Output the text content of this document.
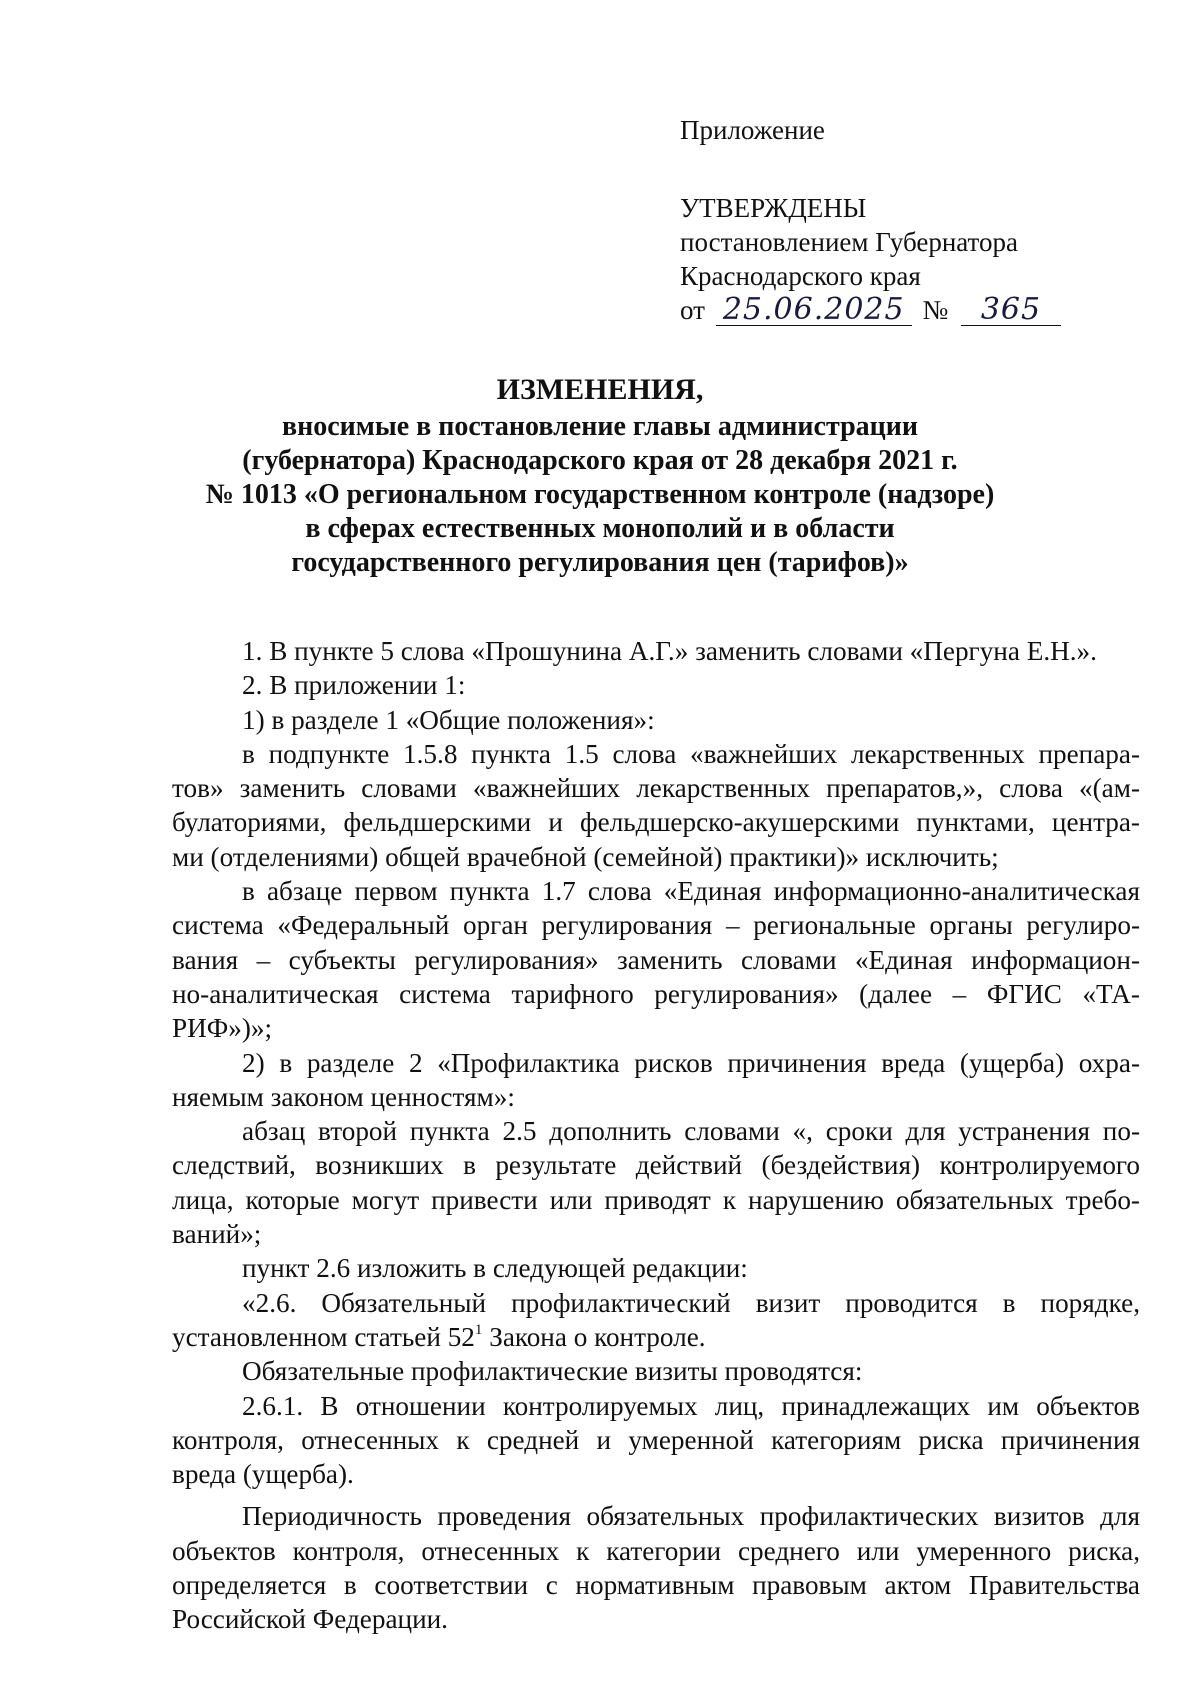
Приложение
УТВЕРЖДЕНЫ
постановлением Губернатора
Краснодарского края
от 25.06.2025 № 365
ИЗМЕНЕНИЯ,
вносимые в постановление главы администрации
(губернатора) Краснодарского края от 28 декабря 2021 г.
№ 1013 «О региональном государственном контроле (надзоре)
в сферах естественных монополий и в области
государственного регулирования цен (тарифов)»
1. В пункте 5 слова «Прошунина А.Г.» заменить словами «Пергуна Е.Н.».
2. В приложении 1:
1) в разделе 1 «Общие положения»:
в подпункте 1.5.8 пункта 1.5 слова «важнейших лекарственных препара-
тов» заменить словами «важнейших лекарственных препаратов,», слова «(ам-
булаториями, фельдшерскими и фельдшерско-акушерскими пунктами, центра-
ми (отделениями) общей врачебной (семейной) практики)» исключить;
в абзаце первом пункта 1.7 слова «Единая информационно-аналитическая
система «Федеральный орган регулирования – региональные органы регулиро-
вания – субъекты регулирования» заменить словами «Единая информацион-
но-аналитическая система тарифного регулирования» (далее – ФГИС «ТА-
РИФ»)»;
2) в разделе 2 «Профилактика рисков причинения вреда (ущерба) охра-
няемым законом ценностям»:
абзац второй пункта 2.5 дополнить словами «, сроки для устранения по-
следствий, возникших в результате действий (бездействия) контролируемого
лица, которые могут привести или приводят к нарушению обязательных требо-
ваний»;
пункт 2.6 изложить в следующей редакции:
«2.6. Обязательный профилактический визит проводится в порядке,
установленном статьей $52^1$ Закона о контроле.
Обязательные профилактические визиты проводятся:
2.6.1. В отношении контролируемых лиц, принадлежащих им объектов
контроля, отнесенных к средней и умеренной категориям риска причинения
вреда (ущерба).
Периодичность проведения обязательных профилактических визитов для
объектов контроля, отнесенных к категории среднего или умеренного риска,
определяется в соответствии с нормативным правовым актом Правительства
Российской Федерации.
